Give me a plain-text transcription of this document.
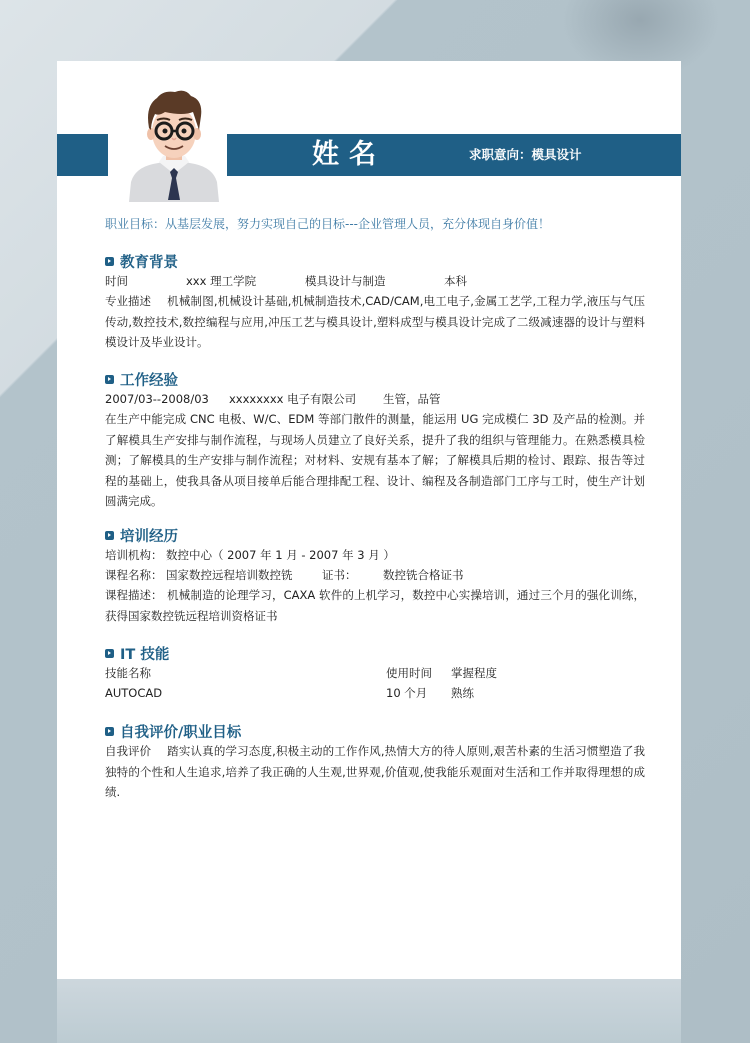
姓名	求职意向：模具设计
职业目标：从基层发展，努力实现自己的目标---企业管理人员，充分体现自身价值！
教育背景
时间	xxx 理工学院	模具设计与制造	本科
专业描述 机械制图,机械设计基础,机械制造技术,CAD/CAM,电工电子,金属工艺学,工程力学,液压与气压传动,数控技术,数控编程与应用,冲压工艺与模具设计,塑料成型与模具设计完成了二级减速器的设计与塑料模设计及毕业设计。
工作经验
2007/03--2008/03 xxxxxxxx 电子有限公司 生管，品管
在生产中能完成 CNC 电极、W/C、EDM 等部门散件的测量，能运用 UG 完成模仁 3D 及产品的检测。并了解模具生产安排与制作流程，与现场人员建立了良好关系，提升了我的组织与管理能力。在熟悉模具检测；了解模具的生产安排与制作流程；对材料、安规有基本了解；了解模具后期的检讨、跟踪、报告等过程的基础上，使我具备从项目接单后能合理排配工程、设计、编程及各制造部门工序与工时，使生产计划圆满完成。
培训经历
培训机构： 数控中心（ 2007 年 1 月 - 2007 年 3 月 ）
课程名称： 国家数控远程培训数控铣	证书： 数控铣合格证书
课程描述： 机械制造的论理学习，CAXA 软件的上机学习，数控中心实操培训，通过三个月的强化训练，获得国家数控铣远程培训资格证书
IT 技能
技能名称	使用时间 掌握程度
AUTOCAD	10 个月 熟练
自我评价/职业目标
自我评价 踏实认真的学习态度,积极主动的工作作风,热情大方的待人原则,艰苦朴素的生活习惯塑造了我独特的个性和人生追求,培养了我正确的人生观,世界观,价值观,使我能乐观面对生活和工作并取得理想的成绩.
